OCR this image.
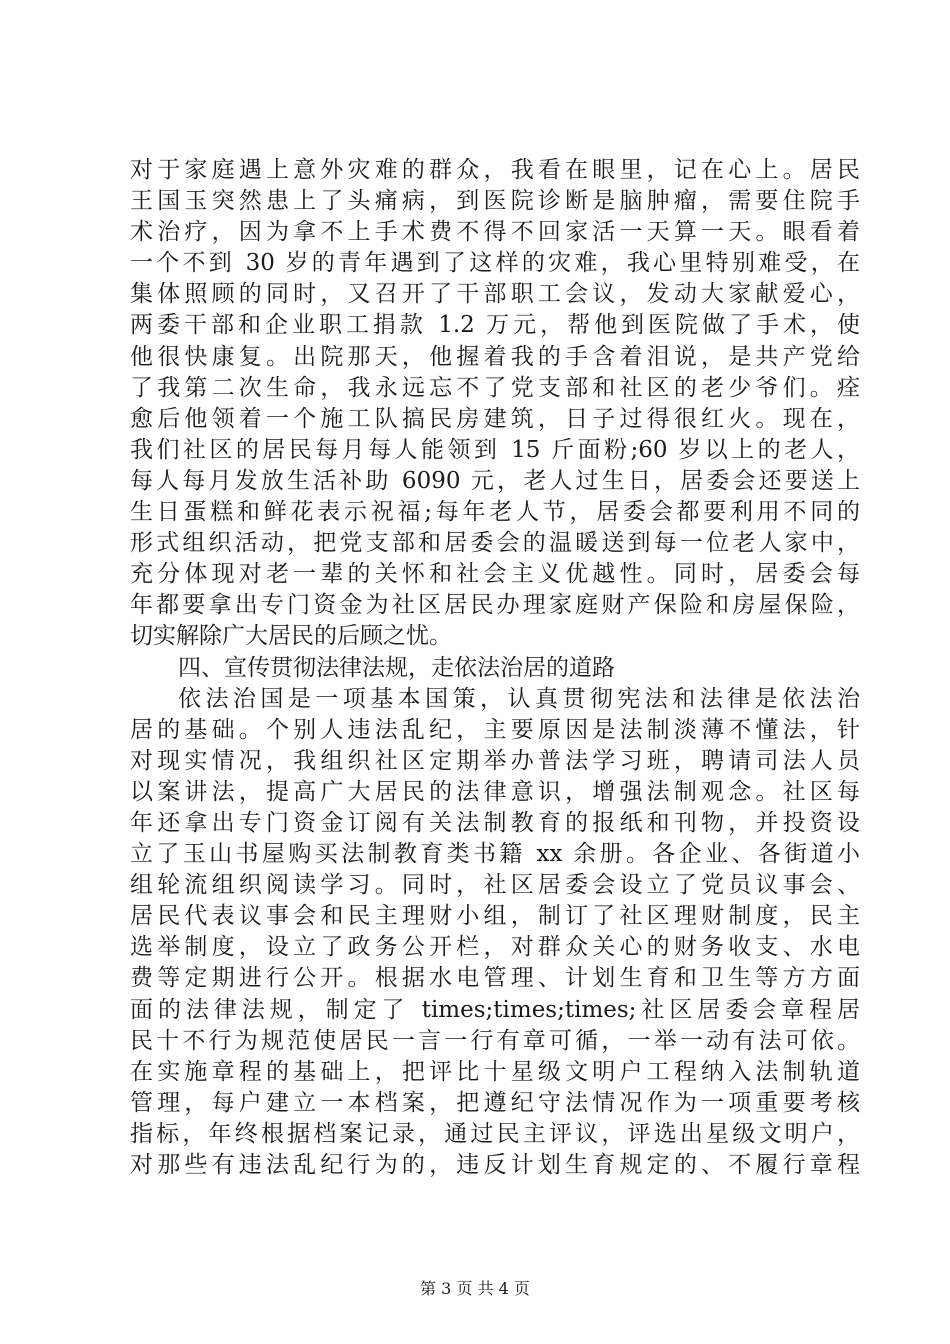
对于家庭遇上意外灾难的群众，我看在眼里，记在心上。居民
王国玉突然患上了头痛病，到医院诊断是脑肿瘤，需要住院手
术治疗，因为拿不上手术费不得不回家活一天算一天。眼看着
一个不到 30 岁的青年遇到了这样的灾难，我心里特别难受，在
集体照顾的同时，又召开了干部职工会议，发动大家献爱心，
两委干部和企业职工捐款 1.2 万元，帮他到医院做了手术，使
他很快康复。出院那天，他握着我的手含着泪说，是共产党给
了我第二次生命，我永远忘不了党支部和社区的老少爷们。痊
愈后他领着一个施工队搞民房建筑，日子过得很红火。现在，
我们社区的居民每月每人能领到 15 斤面粉;60 岁以上的老人，
每人每月发放生活补助 6090 元，老人过生日，居委会还要送上
生日蛋糕和鲜花表示祝福;每年老人节，居委会都要利用不同的
形式组织活动，把党支部和居委会的温暖送到每一位老人家中，
充分体现对老一辈的关怀和社会主义优越性。同时，居委会每
年都要拿出专门资金为社区居民办理家庭财产保险和房屋保险，
切实解除广大居民的后顾之忧。
四、宣传贯彻法律法规，走依法治居的道路
依法治国是一项基本国策，认真贯彻宪法和法律是依法治
居的基础。个别人违法乱纪，主要原因是法制淡薄不懂法，针
对现实情况，我组织社区定期举办普法学习班，聘请司法人员
以案讲法，提高广大居民的法律意识，增强法制观念。社区每
年还拿出专门资金订阅有关法制教育的报纸和刊物，并投资设
立了玉山书屋购买法制教育类书籍 xx 余册。各企业、各街道小
组轮流组织阅读学习。同时，社区居委会设立了党员议事会、
居民代表议事会和民主理财小组，制订了社区理财制度，民主
选举制度，设立了政务公开栏，对群众关心的财务收支、水电
费等定期进行公开。根据水电管理、计划生育和卫生等方方面
面的法律法规，制定了 times;times;times;社区居委会章程居
民十不行为规范使居民一言一行有章可循，一举一动有法可依。
在实施章程的基础上，把评比十星级文明户工程纳入法制轨道
管理，每户建立一本档案，把遵纪守法情况作为一项重要考核
指标，年终根据档案记录，通过民主评议，评选出星级文明户，
对那些有违法乱纪行为的，违反计划生育规定的、不履行章程
第 3 页 共 4 页
